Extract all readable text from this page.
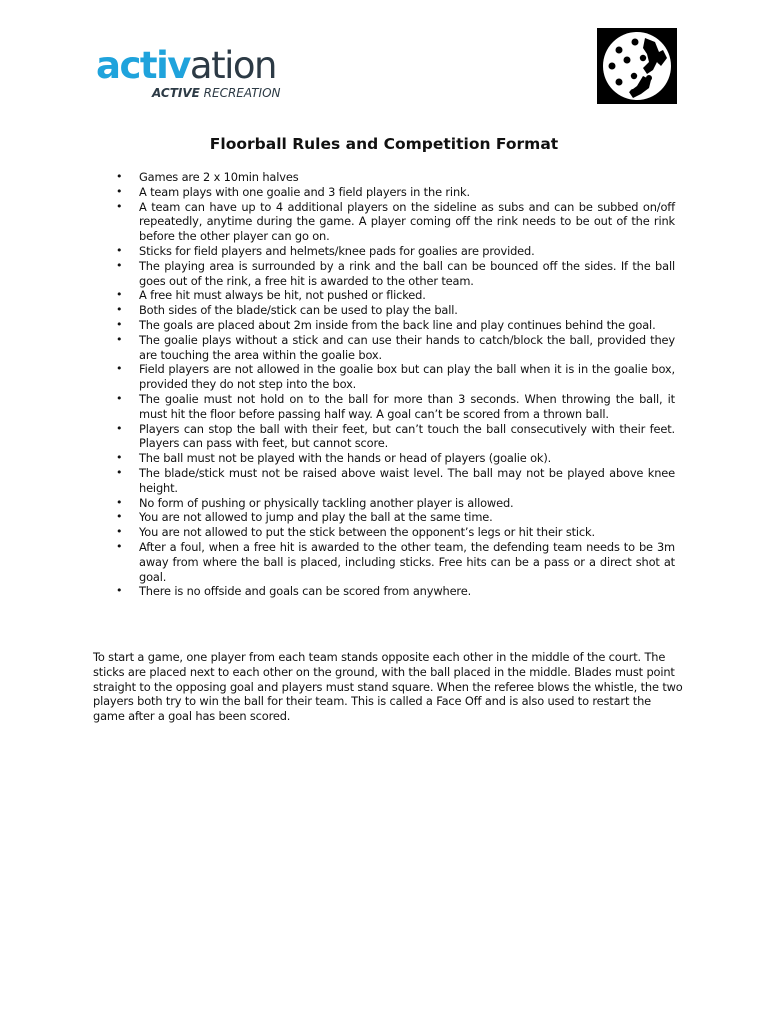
activation
ACTIVE RECREATION
Floorball Rules and Competition Format
• Games are 2 x 10min halves
• A team plays with one goalie and 3 field players in the rink.
• A team can have up to 4 additional players on the sideline as subs and can be subbed on/off repeatedly, anytime during the game. A player coming off the rink needs to be out of the rink before the other player can go on.
• Sticks for field players and helmets/knee pads for goalies are provided.
• The playing area is surrounded by a rink and the ball can be bounced off the sides. If the ball goes out of the rink, a free hit is awarded to the other team.
• A free hit must always be hit, not pushed or flicked.
• Both sides of the blade/stick can be used to play the ball.
• The goals are placed about 2m inside from the back line and play continues behind the goal.
• The goalie plays without a stick and can use their hands to catch/block the ball, provided they are touching the area within the goalie box.
• Field players are not allowed in the goalie box but can play the ball when it is in the goalie box, provided they do not step into the box.
• The goalie must not hold on to the ball for more than 3 seconds. When throwing the ball, it must hit the floor before passing half way. A goal can’t be scored from a thrown ball.
• Players can stop the ball with their feet, but can’t touch the ball consecutively with their feet. Players can pass with feet, but cannot score.
• The ball must not be played with the hands or head of players (goalie ok).
• The blade/stick must not be raised above waist level. The ball may not be played above knee height.
• No form of pushing or physically tackling another player is allowed.
• You are not allowed to jump and play the ball at the same time.
• You are not allowed to put the stick between the opponent’s legs or hit their stick.
• After a foul, when a free hit is awarded to the other team, the defending team needs to be 3m away from where the ball is placed, including sticks. Free hits can be a pass or a direct shot at goal.
• There is no offside and goals can be scored from anywhere.

To start a game, one player from each team stands opposite each other in the middle of the court. The sticks are placed next to each other on the ground, with the ball placed in the middle. Blades must point straight to the opposing goal and players must stand square. When the referee blows the whistle, the two players both try to win the ball for their team. This is called a Face Off and is also used to restart the game after a goal has been scored.
